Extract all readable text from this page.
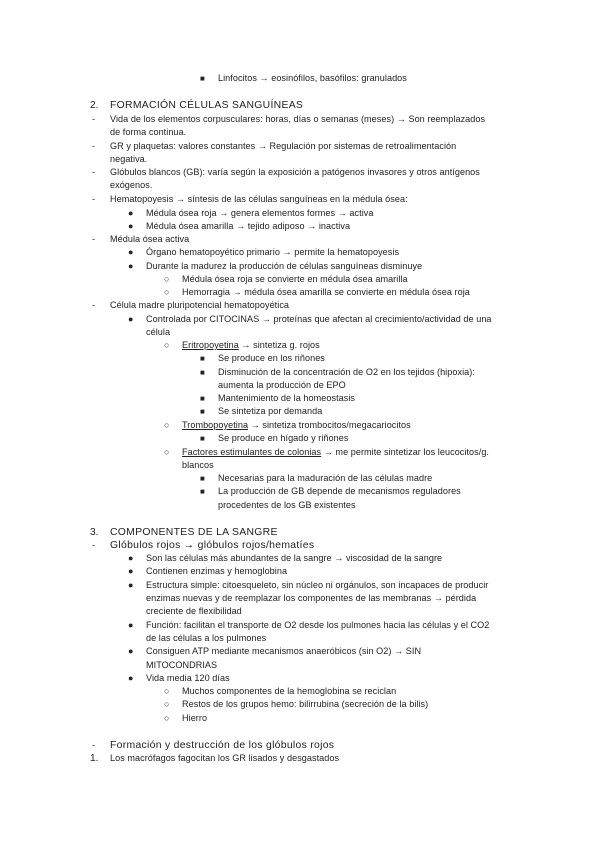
■ Linfocitos → eosinófilos, basófilos: granulados

2. FORMACIÓN CÉLULAS SANGUÍNEAS

- Vida de los elementos corpusculares: horas, días o semanas (meses) → Son reemplazados

de forma continua.

- GR y plaquetas: valores constantes → Regulación por sistemas de retroalimentación

negativa.

- Glóbulos blancos (GB): varía según la exposición a patógenos invasores y otros antígenos

exógenos.

- Hematopoyesis → síntesis de las células sanguíneas en la médula ósea:

● Médula ósea roja → genera elementos formes → activa

● Médula ósea amarilla → tejido adiposo → inactiva

- Médula ósea activa

● Órgano hematopoyético primario → permite la hematopoyesis

● Durante la madurez la producción de células sanguíneas disminuye

○ Médula ósea roja se convierte en médula ósea amarilla

○ Hemorragia → médula ósea amarilla se convierte en médula ósea roja

- Célula madre pluripotencial hematopoyética

● Controlada por CITOCINAS → proteínas que afectan al crecimiento/actividad de una

célula

○ Eritropoyetina → sintetiza g. rojos

■ Se produce en los riñones

■ Disminución de la concentración de O2 en los tejidos (hipoxia):

aumenta la producción de EPO

■ Mantenimiento de la homeostasis

■ Se sintetiza por demanda

○ Trombopoyetina → sintetiza trombocitos/megacariocitos

■ Se produce en hígado y riñones

○ Factores estimulantes de colonias → me permite sintetizar los leucocitos/g.

blancos

■ Necesarias para la maduración de las células madre

■ La producción de GB depende de mecanismos reguladores

procedentes de los GB existentes

3. COMPONENTES DE LA SANGRE

- Glóbulos rojos → glóbulos rojos/hematíes

● Son las células más abundantes de la sangre → viscosidad de la sangre

● Contienen enzimas y hemoglobina

● Estructura simple: citoesqueleto, sin núcleo ni orgánulos, son incapaces de producir

enzimas nuevas y de reemplazar los componentes de las membranas → pérdida

creciente de flexibilidad

● Función: facilitan el transporte de O2 desde los pulmones hacia las células y el CO2

de las células a los pulmones

● Consiguen ATP mediante mecanismos anaeróbicos (sin O2) → SIN

MITOCONDRIAS

● Vida media 120 días

○ Muchos componentes de la hemoglobina se reciclan

○ Restos de los grupos hemo: bilirrubina (secreción de la bilis)

○ Hierro

- Formación y destrucción de los glóbulos rojos

1. Los macrófagos fagocitan los GR lisados y desgastados
